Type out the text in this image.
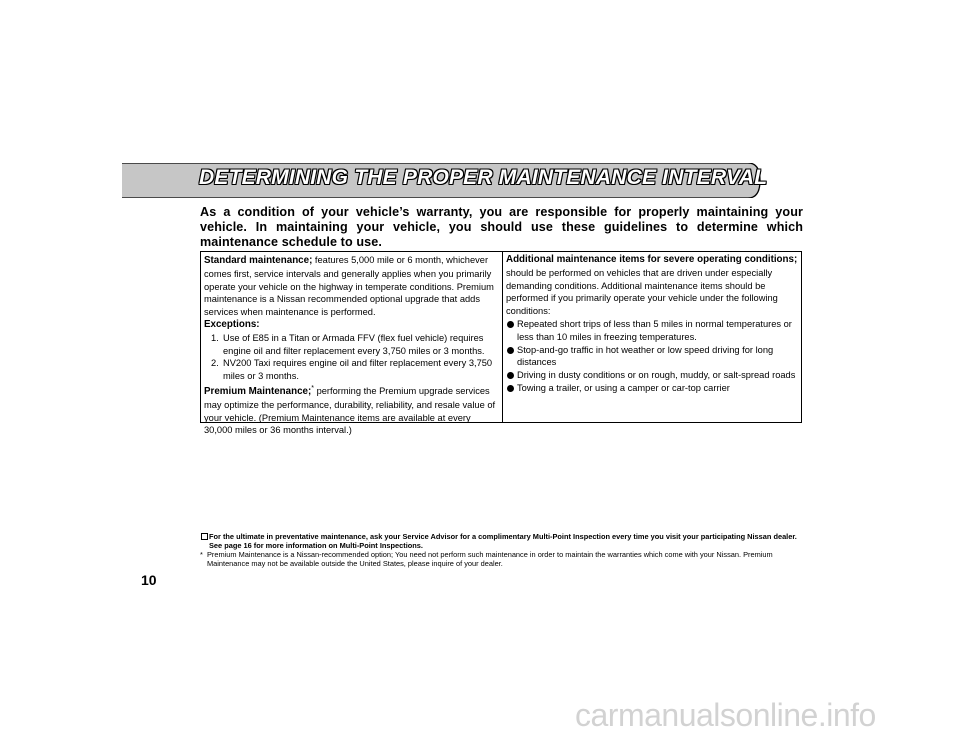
DETERMINING THE PROPER MAINTENANCE INTERVAL
As a condition of your vehicle’s warranty, you are responsible for properly maintaining your vehicle. In maintaining your vehicle, you should use these guidelines to determine which maintenance schedule to use.
Standard maintenance; features 5,000 mile or 6 month, whichever comes first, service intervals and generally applies when you primarily operate your vehicle on the highway in temperate conditions. Premium maintenance is a Nissan recommended optional upgrade that adds services when maintenance is performed.
Exceptions:
1. Use of E85 in a Titan or Armada FFV (flex fuel vehicle) requires engine oil and filter replacement every 3,750 miles or 3 months.
2. NV200 Taxi requires engine oil and filter replacement every 3,750 miles or 3 months.
Premium Maintenance;* performing the Premium upgrade services may optimize the performance, durability, reliability, and resale value of your vehicle. (Premium Maintenance items are available at every 30,000 miles or 36 months interval.)
Additional maintenance items for severe operating conditions;
should be performed on vehicles that are driven under especially demanding conditions. Additional maintenance items should be performed if you primarily operate your vehicle under the following conditions:
Repeated short trips of less than 5 miles in normal temperatures or less than 10 miles in freezing temperatures.
Stop-and-go traffic in hot weather or low speed driving for long distances
Driving in dusty conditions or on rough, muddy, or salt-spread roads
Towing a trailer, or using a camper or car-top carrier
For the ultimate in preventative maintenance, ask your Service Advisor for a complimentary Multi-Point Inspection every time you visit your participating Nissan dealer. See page 16 for more information on Multi-Point Inspections.
* Premium Maintenance is a Nissan-recommended option; You need not perform such maintenance in order to maintain the warranties which come with your Nissan. Premium Maintenance may not be available outside the United States, please inquire of your dealer.
10
carmanualsonline.info
